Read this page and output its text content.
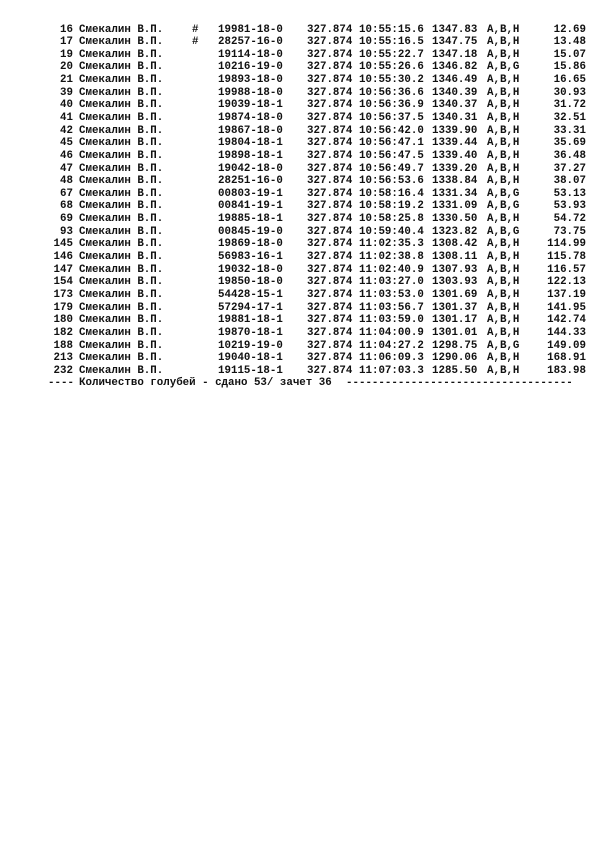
16 Смекалин В.П.	# 19981-18-0 327.874 10:55:15.6 1347.83 A,B,H	12.69
17 Смекалин В.П.	# 28257-16-0 327.874 10:55:16.5 1347.75 A,B,H	13.48
19 Смекалин В.П.	19114-18-0 327.874 10:55:22.7 1347.18 A,B,H	15.07
20 Смекалин В.П.	10216-19-0 327.874 10:55:26.6 1346.82 A,B,G	15.86
21 Смекалин В.П.	19893-18-0 327.874 10:55:30.2 1346.49 A,B,H	16.65
39 Смекалин В.П.	19988-18-0 327.874 10:56:36.6 1340.39 A,B,H	30.93
40 Смекалин В.П.	19039-18-1 327.874 10:56:36.9 1340.37 A,B,H	31.72
41 Смекалин В.П.	19874-18-0 327.874 10:56:37.5 1340.31 A,B,H	32.51
42 Смекалин В.П.	19867-18-0 327.874 10:56:42.0 1339.90 A,B,H	33.31
45 Смекалин В.П.	19804-18-1 327.874 10:56:47.1 1339.44 A,B,H	35.69
46 Смекалин В.П.	19898-18-1 327.874 10:56:47.5 1339.40 A,B,H	36.48
47 Смекалин В.П.	19042-18-0 327.874 10:56:49.7 1339.20 A,B,H	37.27
48 Смекалин В.П.	28251-16-0 327.874 10:56:53.6 1338.84 A,B,H	38.07
67 Смекалин В.П.	00803-19-1 327.874 10:58:16.4 1331.34 A,B,G	53.13
68 Смекалин В.П.	00841-19-1 327.874 10:58:19.2 1331.09 A,B,G	53.93
69 Смекалин В.П.	19885-18-1 327.874 10:58:25.8 1330.50 A,B,H	54.72
93 Смекалин В.П.	00845-19-0 327.874 10:59:40.4 1323.82 A,B,G	73.75
145 Смекалин В.П.	19869-18-0 327.874 11:02:35.3 1308.42 A,B,H	114.99
146 Смекалин В.П.	56983-16-1 327.874 11:02:38.8 1308.11 A,B,H	115.78
147 Смекалин В.П.	19032-18-0 327.874 11:02:40.9 1307.93 A,B,H	116.57
154 Смекалин В.П.	19850-18-0 327.874 11:03:27.0 1303.93 A,B,H	122.13
173 Смекалин В.П.	54428-15-1 327.874 11:03:53.0 1301.69 A,B,H	137.19
179 Смекалин В.П.	57294-17-1 327.874 11:03:56.7 1301.37 A,B,H	141.95
180 Смекалин В.П.	19881-18-1 327.874 11:03:59.0 1301.17 A,B,H	142.74
182 Смекалин В.П.	19870-18-1 327.874 11:04:00.9 1301.01 A,B,H	144.33
188 Смекалин В.П.	10219-19-0 327.874 11:04:27.2 1298.75 A,B,G	149.09
213 Смекалин В.П.	19040-18-1 327.874 11:06:09.3 1290.06 A,B,H	168.91
232 Смекалин В.П.	19115-18-1 327.874 11:07:03.3 1285.50 A,B,H	183.98

----

Количество голубей - сдано 53/ зачет 36

-----------------------------------
